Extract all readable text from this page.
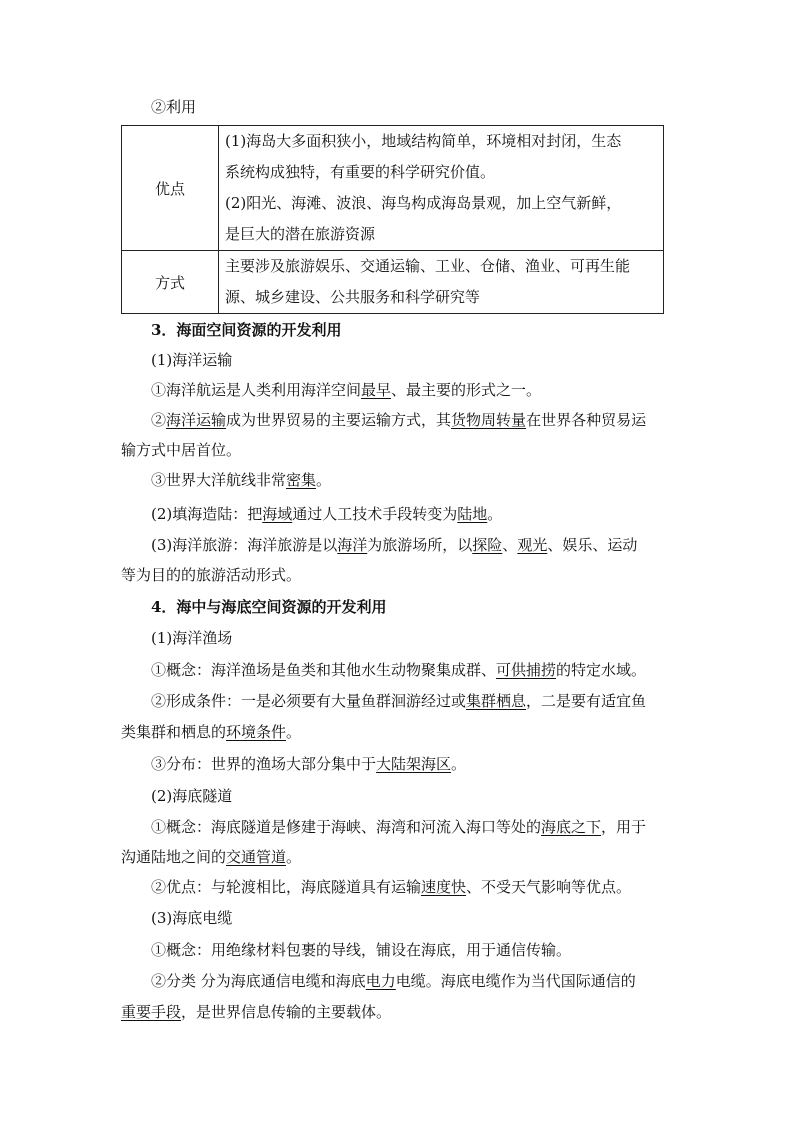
②利用
优点	(1)海岛大多面积狭小，地域结构简单，环境相对封闭，生态
系统构成独特，有重要的科学研究价值。
(2)阳光、海滩、波浪、海鸟构成海岛景观，加上空气新鲜，
是巨大的潜在旅游资源

方式	主要涉及旅游娱乐、交通运输、工业、仓储、渔业、可再生能
源、城乡建设、公共服务和科学研究等
3．海面空间资源的开发利用
(1)海洋运输
①海洋航运是人类利用海洋空间最早、最主要的形式之一。
②海洋运输成为世界贸易的主要运输方式，其货物周转量在世界各种贸易运
输方式中居首位。
③世界大洋航线非常密集。
(2)填海造陆：把海域通过人工技术手段转变为陆地。
(3)海洋旅游：海洋旅游是以海洋为旅游场所，以探险、观光、娱乐、运动
等为目的的旅游活动形式。
4．海中与海底空间资源的开发利用
(1)海洋渔场
①概念：海洋渔场是鱼类和其他水生动物聚集成群、可供捕捞的特定水域。
②形成条件：一是必须要有大量鱼群洄游经过或集群栖息，二是要有适宜鱼
类集群和栖息的环境条件。
③分布：世界的渔场大部分集中于大陆架海区。
(2)海底隧道
①概念：海底隧道是修建于海峡、海湾和河流入海口等处的海底之下，用于
沟通陆地之间的交通管道。
②优点：与轮渡相比，海底隧道具有运输速度快、不受天气影响等优点。
(3)海底电缆
①概念：用绝缘材料包裹的导线，铺设在海底，用于通信传输。
②分类 分为海底通信电缆和海底电力电缆。海底电缆作为当代国际通信的
重要手段，是世界信息传输的主要载体。
